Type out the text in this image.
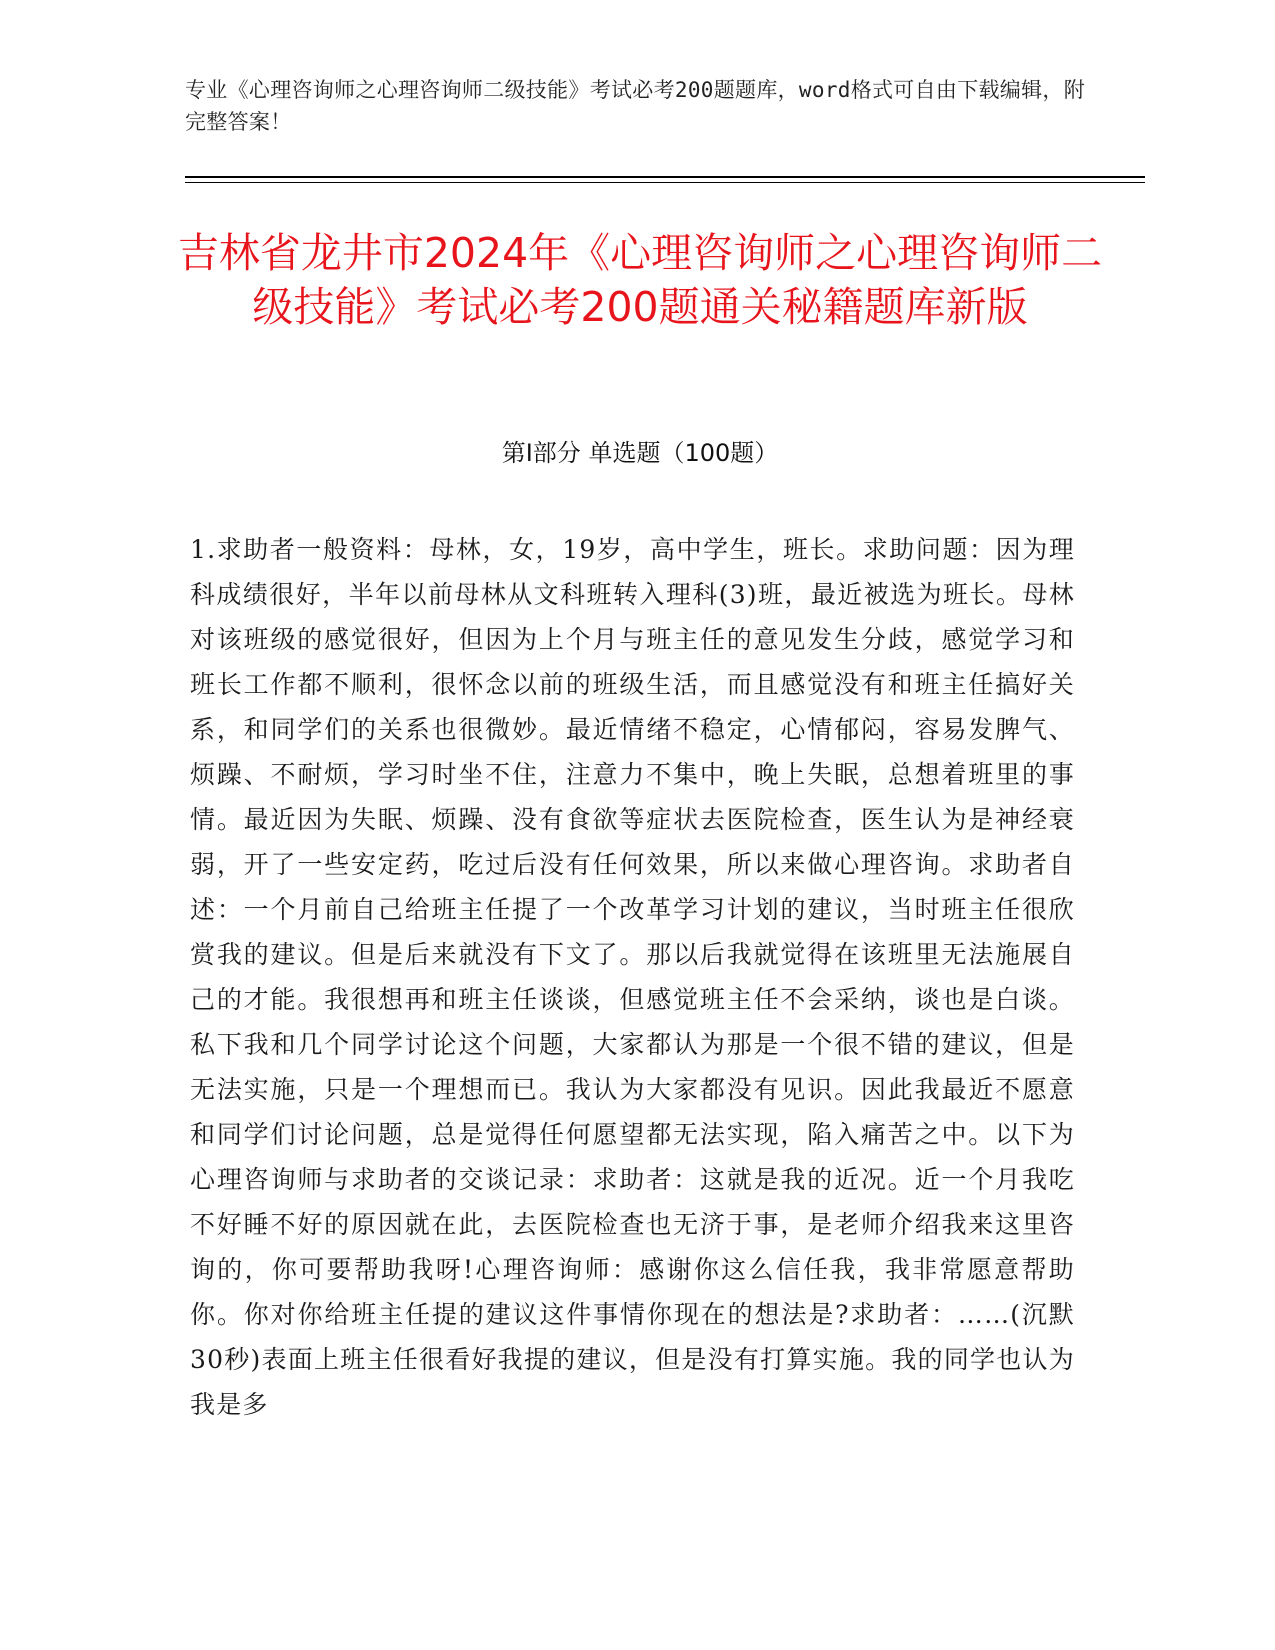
专业《心理咨询师之心理咨询师二级技能》考试必考200题题库，word格式可自由下载编辑，附完整答案！
吉林省龙井市2024年《心理咨询师之心理咨询师二级技能》考试必考200题通关秘籍题库新版
第Ⅰ部分 单选题（100题）

1.求助者一般资料：母林，女，19岁，高中学生，班长。求助问题：因为理科成绩很好，半年以前母林从文科班转入理科(3)班，最近被选为班长。母林对该班级的感觉很好，但因为上个月与班主任的意见发生分歧，感觉学习和班长工作都不顺利，很怀念以前的班级生活，而且感觉没有和班主任搞好关系，和同学们的关系也很微妙。最近情绪不稳定，心情郁闷，容易发脾气、烦躁、不耐烦，学习时坐不住，注意力不集中，晚上失眠，总想着班里的事情。最近因为失眠、烦躁、没有食欲等症状去医院检查，医生认为是神经衰弱，开了一些安定药，吃过后没有任何效果，所以来做心理咨询。求助者自述：一个月前自己给班主任提了一个改革学习计划的建议，当时班主任很欣赏我的建议。但是后来就没有下文了。那以后我就觉得在该班里无法施展自己的才能。我很想再和班主任谈谈，但感觉班主任不会采纳，谈也是白谈。私下我和几个同学讨论这个问题，大家都认为那是一个很不错的建议，但是无法实施，只是一个理想而已。我认为大家都没有见识。因此我最近不愿意和同学们讨论问题，总是觉得任何愿望都无法实现，陷入痛苦之中。以下为心理咨询师与求助者的交谈记录：求助者：这就是我的近况。近一个月我吃不好睡不好的原因就在此，去医院检查也无济于事，是老师介绍我来这里咨询的，你可要帮助我呀!心理咨询师：感谢你这么信任我，我非常愿意帮助你。你对你给班主任提的建议这件事情你现在的想法是?求助者：……(沉默30秒)表面上班主任很看好我提的建议，但是没有打算实施。我的同学也认为我是多
